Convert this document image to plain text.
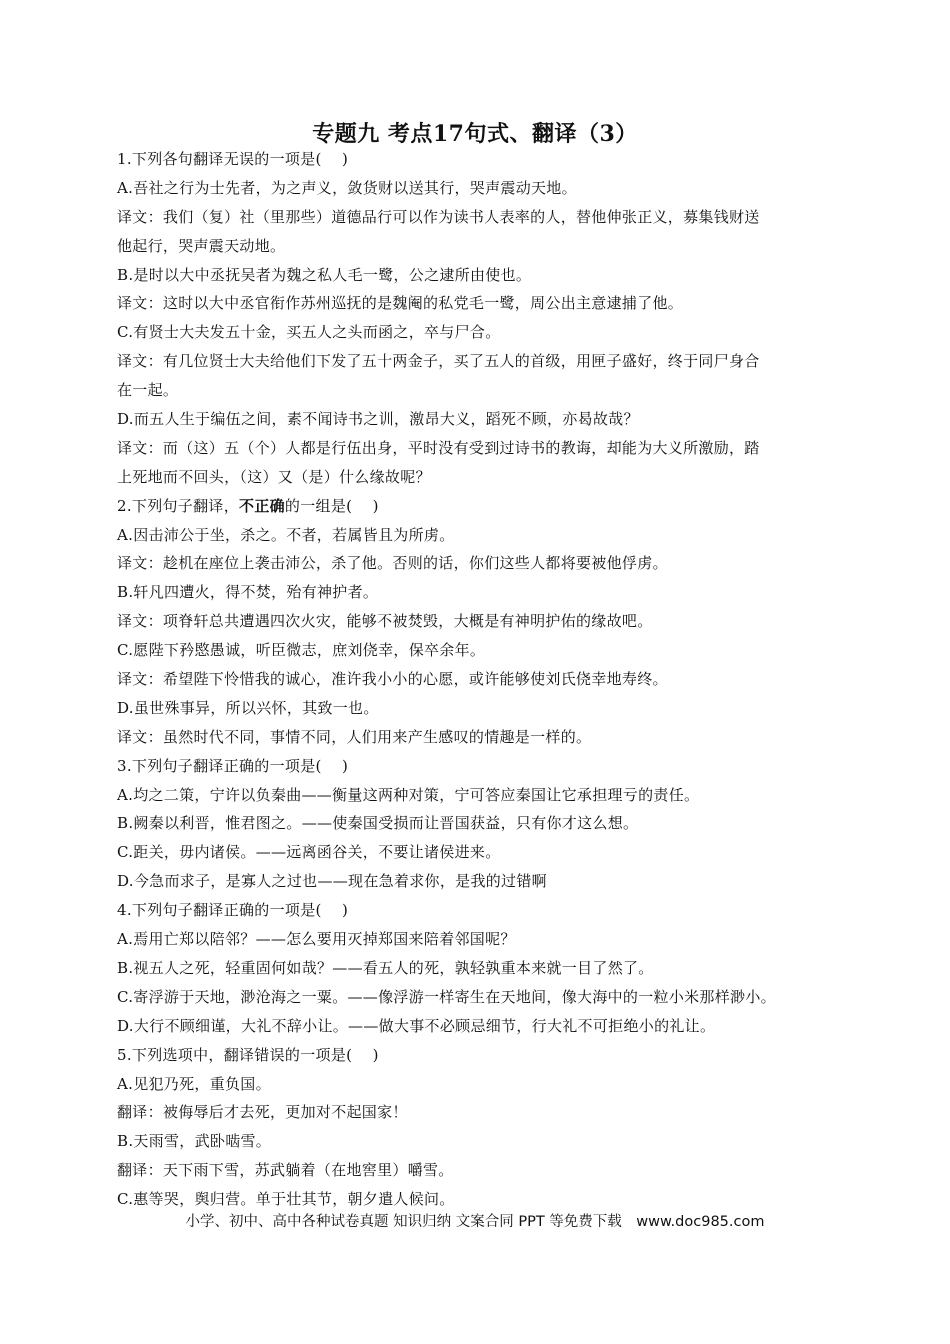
专题九 考点17句式、翻译（3）
1.下列各句翻译无误的一项是(　 )
A.吾社之行为士先者，为之声义，敛货财以送其行，哭声震动天地。
译文：我们（复）社（里那些）道德品行可以作为读书人表率的人，替他伸张正义，募集钱财送
他起行，哭声震天动地。
B.是时以大中丞抚吴者为魏之私人毛一鹭，公之逮所由使也。
译文：这时以大中丞官衔作苏州巡抚的是魏阉的私党毛一鹭，周公出主意逮捕了他。
C.有贤士大夫发五十金，买五人之头而函之，卒与尸合。
译文：有几位贤士大夫给他们下发了五十两金子，买了五人的首级，用匣子盛好，终于同尸身合
在一起。
D.而五人生于编伍之间，素不闻诗书之训，激昂大义，蹈死不顾，亦曷故哉？
译文：而（这）五（个）人都是行伍出身，平时没有受到过诗书的教诲，却能为大义所激励，踏
上死地而不回头，（这）又（是）什么缘故呢？
2.下列句子翻译，不正确的一组是(　 )
A.因击沛公于坐，杀之。不者，若属皆且为所虏。
译文：趁机在座位上袭击沛公，杀了他。否则的话，你们这些人都将要被他俘虏。
B.轩凡四遭火，得不焚，殆有神护者。
译文：项脊轩总共遭遇四次火灾，能够不被焚毁，大概是有神明护佑的缘故吧。
C.愿陛下矜愍愚诚，听臣微志，庶刘侥幸，保卒余年。
译文：希望陛下怜惜我的诚心，准许我小小的心愿，或许能够使刘氏侥幸地寿终。
D.虽世殊事异，所以兴怀，其致一也。
译文：虽然时代不同，事情不同，人们用来产生感叹的情趣是一样的。
3.下列句子翻译正确的一项是(　 )
A.均之二策，宁许以负秦曲——衡量这两种对策，宁可答应秦国让它承担理亏的责任。
B.阙秦以利晋，惟君图之。——使秦国受损而让晋国获益，只有你才这么想。
C.距关，毋内诸侯。——远离函谷关，不要让诸侯进来。
D.今急而求子，是寡人之过也——现在急着求你，是我的过错啊
4.下列句子翻译正确的一项是(　 )
A.焉用亡郑以陪邻？——怎么要用灭掉郑国来陪着邻国呢？
B.视五人之死，轻重固何如哉？——看五人的死，孰轻孰重本来就一目了然了。
C.寄浮游于天地，渺沧海之一粟。——像浮游一样寄生在天地间，像大海中的一粒小米那样渺小。
D.大行不顾细谨，大礼不辞小让。——做大事不必顾忌细节，行大礼不可拒绝小的礼让。
5.下列选项中，翻译错误的一项是(　 )
A.见犯乃死，重负国。
翻译：被侮辱后才去死，更加对不起国家！
B.天雨雪，武卧啮雪。
翻译：天下雨下雪，苏武躺着（在地窖里）嚼雪。
C.惠等哭，舆归营。单于壮其节，朝夕遣人候问。
小学、初中、高中各种试卷真题 知识归纳 文案合同 PPT 等免费下载　www.doc985.com
